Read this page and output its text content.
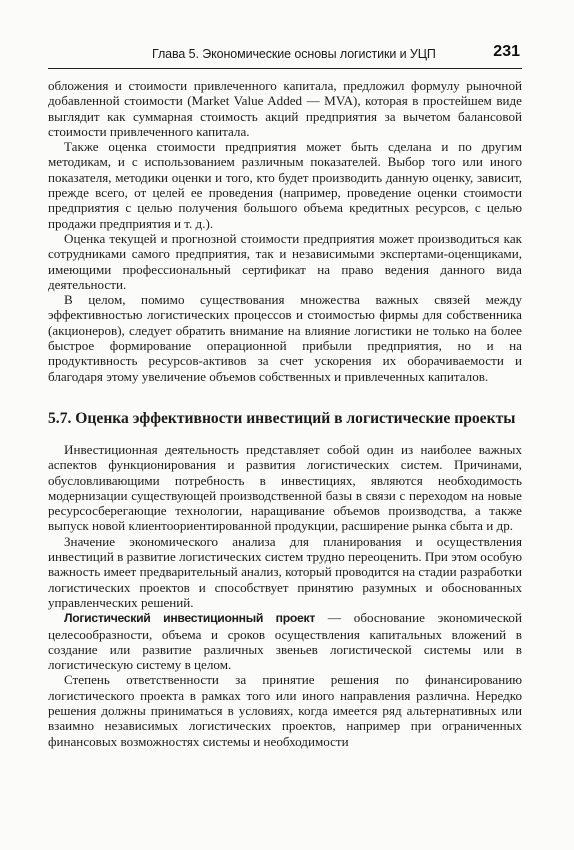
Глава 5. Экономические основы логистики и УЦП	231

обложения и стоимости привлеченного капитала, предложил формулу рыночной добавленной стоимости (Market Value Added — MVA), которая в простейшем виде выглядит как суммарная стоимость акций предприятия за вычетом балансовой стоимости привлеченного капитала.

Также оценка стоимости предприятия может быть сделана и по другим методикам, и с использованием различным показателей. Выбор того или иного показателя, методики оценки и того, кто будет производить данную оценку, зависит, прежде всего, от целей ее проведения (например, проведение оценки стоимости предприятия с целью получения большого объема кредитных ресурсов, с целью продажи предприятия и т. д.).

Оценка текущей и прогнозной стоимости предприятия может производиться как сотрудниками самого предприятия, так и независимыми экспертами-оценщиками, имеющими профессиональный сертификат на право ведения данного вида деятельности.

В целом, помимо существования множества важных связей между эффективностью логистических процессов и стоимостью фирмы для собственника (акционеров), следует обратить внимание на влияние логистики не только на более быстрое формирование операционной прибыли предприятия, но и на продуктивность ресурсов-активов за счет ускорения их оборачиваемости и благодаря этому увеличение объемов собственных и привлеченных капиталов.

5.7. Оценка эффективности инвестиций в логистические проекты

Инвестиционная деятельность представляет собой один из наиболее важных аспектов функционирования и развития логистических систем. Причинами, обусловливающими потребность в инвестициях, являются необходимость модернизации существующей производственной базы в связи с переходом на новые ресурсосберегающие технологии, наращивание объемов производства, а также выпуск новой клиентоориентированной продукции, расширение рынка сбыта и др.

Значение экономического анализа для планирования и осуществления инвестиций в развитие логистических систем трудно переоценить. При этом особую важность имеет предварительный анализ, который проводится на стадии разработки логистических проектов и способствует принятию разумных и обоснованных управленческих решений.

Логистический инвестиционный проект — обоснование экономической целесообразности, объема и сроков осуществления капитальных вложений в создание или развитие различных звеньев логистической системы или в логистическую систему в целом.

Степень ответственности за принятие решения по финансированию логистического проекта в рамках того или иного направления различна. Нередко решения должны приниматься в условиях, когда имеется ряд альтернативных или взаимно независимых логистических проектов, например при ограниченных финансовых возможностях системы и необходимости
